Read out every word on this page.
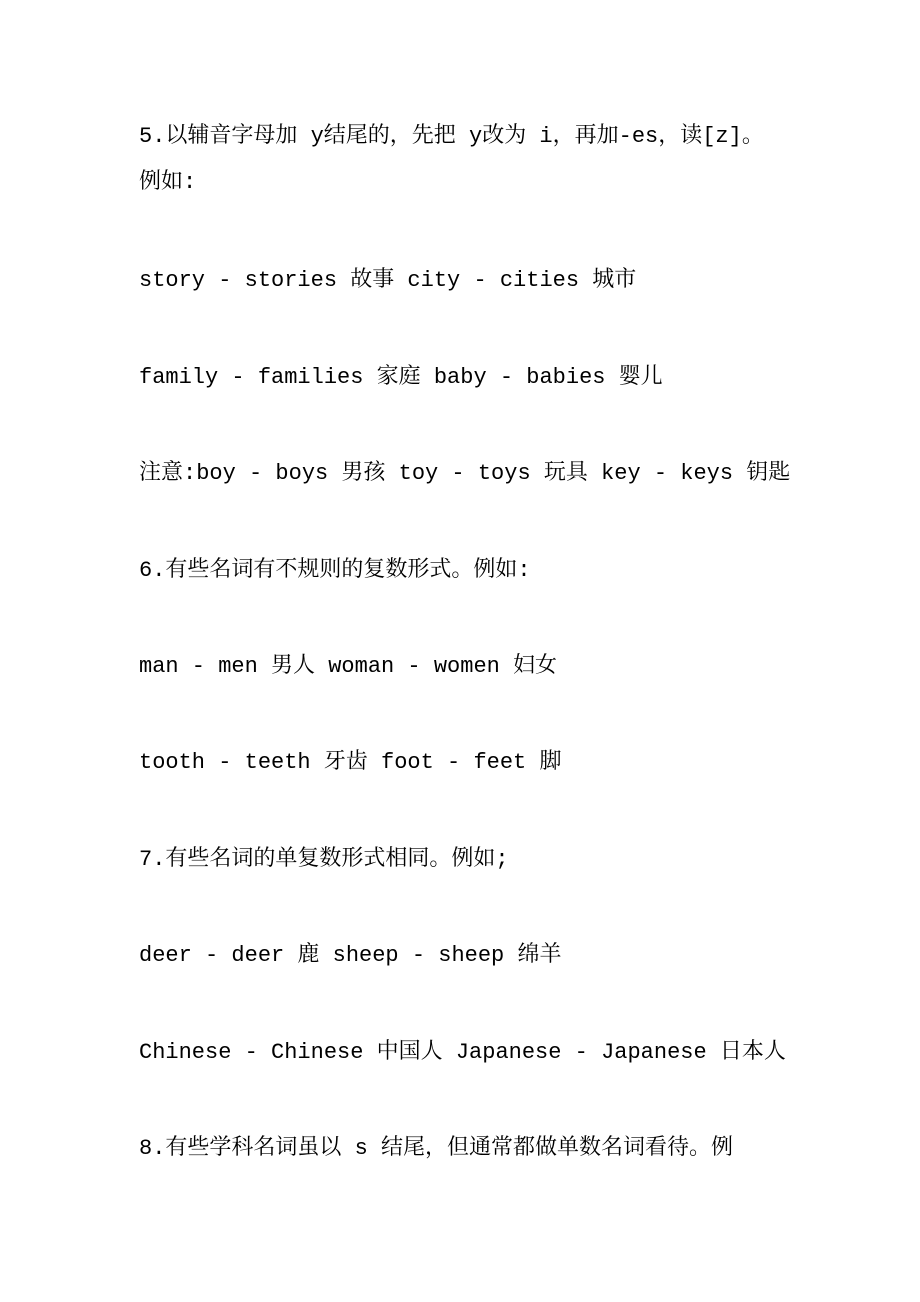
5.以辅音字母加 y结尾的，先把 y改为 i，再加-es，读[z]。
例如:
story - stories 故事 city - cities 城市
family - families 家庭 baby - babies 婴儿
注意:boy - boys 男孩 toy - toys 玩具 key - keys 钥匙
6.有些名词有不规则的复数形式。例如:
man - men 男人 woman - women 妇女
tooth - teeth 牙齿 foot - feet 脚
7.有些名词的单复数形式相同。例如;
deer - deer 鹿 sheep - sheep 绵羊
Chinese - Chinese 中国人 Japanese - Japanese 日本人
8.有些学科名词虽以 s 结尾，但通常都做单数名词看待。例
